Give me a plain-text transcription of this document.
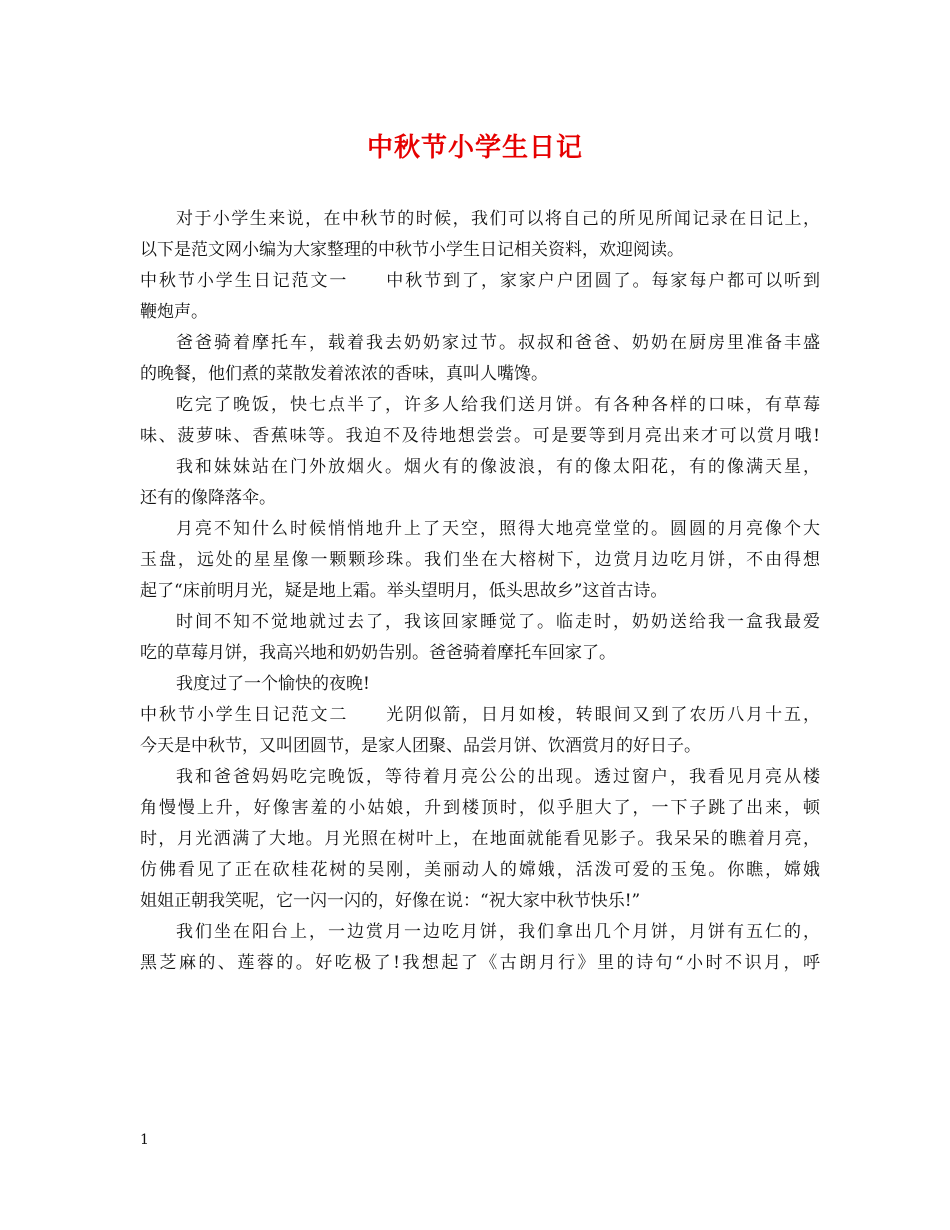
中秋节小学生日记
对于小学生来说，在中秋节的时候，我们可以将自己的所见所闻记录在日记上，
以下是范文网小编为大家整理的中秋节小学生日记相关资料，欢迎阅读。
中秋节小学生日记范文一　　中秋节到了，家家户户团圆了。每家每户都可以听到
鞭炮声。
爸爸骑着摩托车，载着我去奶奶家过节。叔叔和爸爸、奶奶在厨房里准备丰盛
的晚餐，他们煮的菜散发着浓浓的香味，真叫人嘴馋。
吃完了晚饭，快七点半了，许多人给我们送月饼。有各种各样的口味，有草莓
味、菠萝味、香蕉味等。我迫不及待地想尝尝。可是要等到月亮出来才可以赏月哦!
我和妹妹站在门外放烟火。烟火有的像波浪，有的像太阳花，有的像满天星，
还有的像降落伞。
月亮不知什么时候悄悄地升上了天空，照得大地亮堂堂的。圆圆的月亮像个大
玉盘，远处的星星像一颗颗珍珠。我们坐在大榕树下，边赏月边吃月饼，不由得想
起了“床前明月光，疑是地上霜。举头望明月，低头思故乡”这首古诗。
时间不知不觉地就过去了，我该回家睡觉了。临走时，奶奶送给我一盒我最爱
吃的草莓月饼，我高兴地和奶奶告别。爸爸骑着摩托车回家了。
我度过了一个愉快的夜晚!
中秋节小学生日记范文二　　光阴似箭，日月如梭，转眼间又到了农历八月十五，
今天是中秋节，又叫团圆节，是家人团聚、品尝月饼、饮酒赏月的好日子。
我和爸爸妈妈吃完晚饭，等待着月亮公公的出现。透过窗户，我看见月亮从楼
角慢慢上升，好像害羞的小姑娘，升到楼顶时，似乎胆大了，一下子跳了出来，顿
时，月光洒满了大地。月光照在树叶上，在地面就能看见影子。我呆呆的瞧着月亮，
仿佛看见了正在砍桂花树的吴刚，美丽动人的嫦娥，活泼可爱的玉兔。你瞧，嫦娥
姐姐正朝我笑呢，它一闪一闪的，好像在说：“祝大家中秋节快乐!”
我们坐在阳台上，一边赏月一边吃月饼，我们拿出几个月饼，月饼有五仁的，
黑芝麻的、莲蓉的。好吃极了!我想起了《古朗月行》里的诗句“小时不识月，呼
1
